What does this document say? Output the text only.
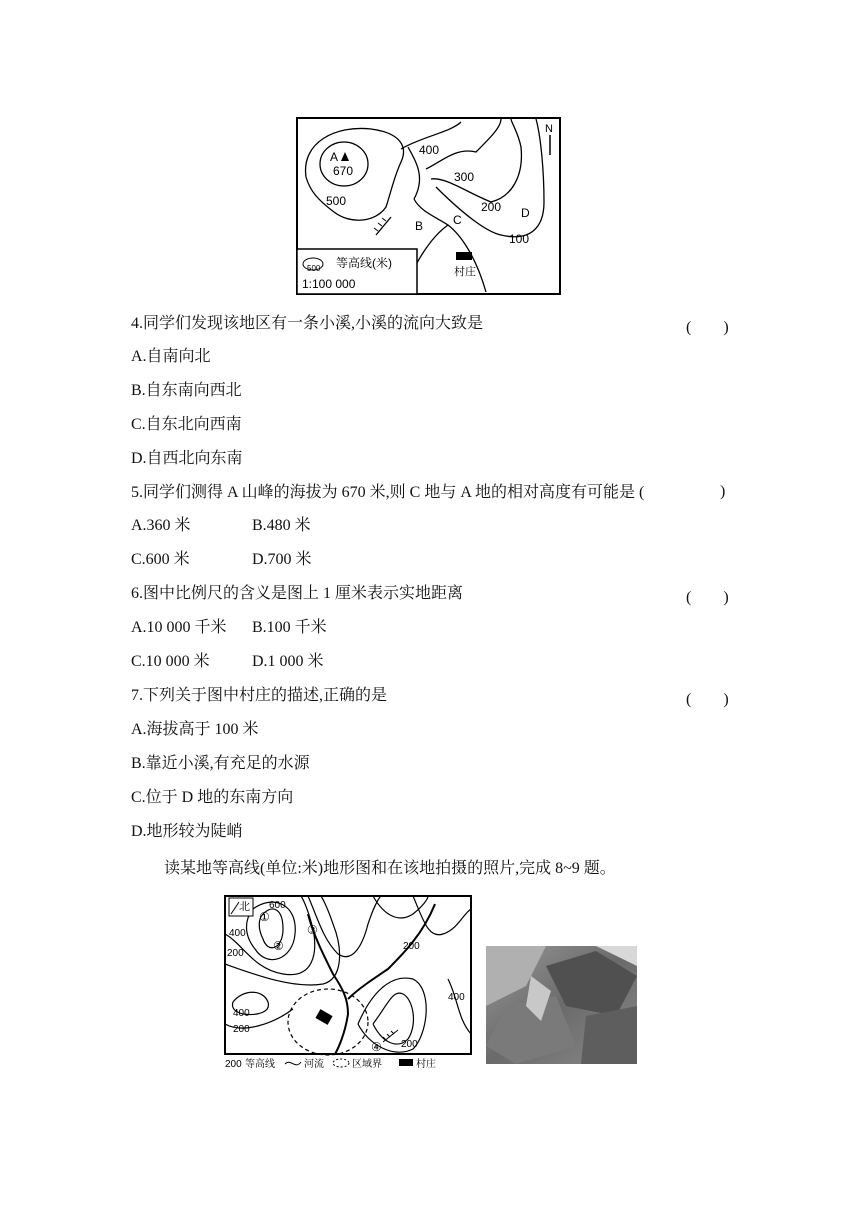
500 等高线(米)
1:100 000
村庄
A
670
400
300
200
100
500
B C	D
N
4.同学们发现该地区有一条小溪,小溪的流向大致是	(　　)
A.自南向北
B.自东南向西北
C.自东北向西南
D.自西北向东南
5.同学们测得 A 山峰的海拔为 670 米,则 C 地与 A 地的相对高度有可能是 (	)
A.360 米	B.480 米
C.600 米	D.700 米
6.图中比例尺的含义是图上 1 厘米表示实地距离	(　　)
A.10 000 千米 B.100 千米
C.10 000 米	D.1 000 米
7.下列关于图中村庄的描述,正确的是	(　　)
A.海拔高于 100 米
B.靠近小溪,有充足的水源
C.位于 D 地的东南方向
D.地形较为陡峭
读某地等高线(单位:米)地形图和在该地拍摄的照片,完成 8~9 题。
北 600
400
200
400
200
200
400
200
①
②
③
④
200 等高线	河流	区域界	村庄
